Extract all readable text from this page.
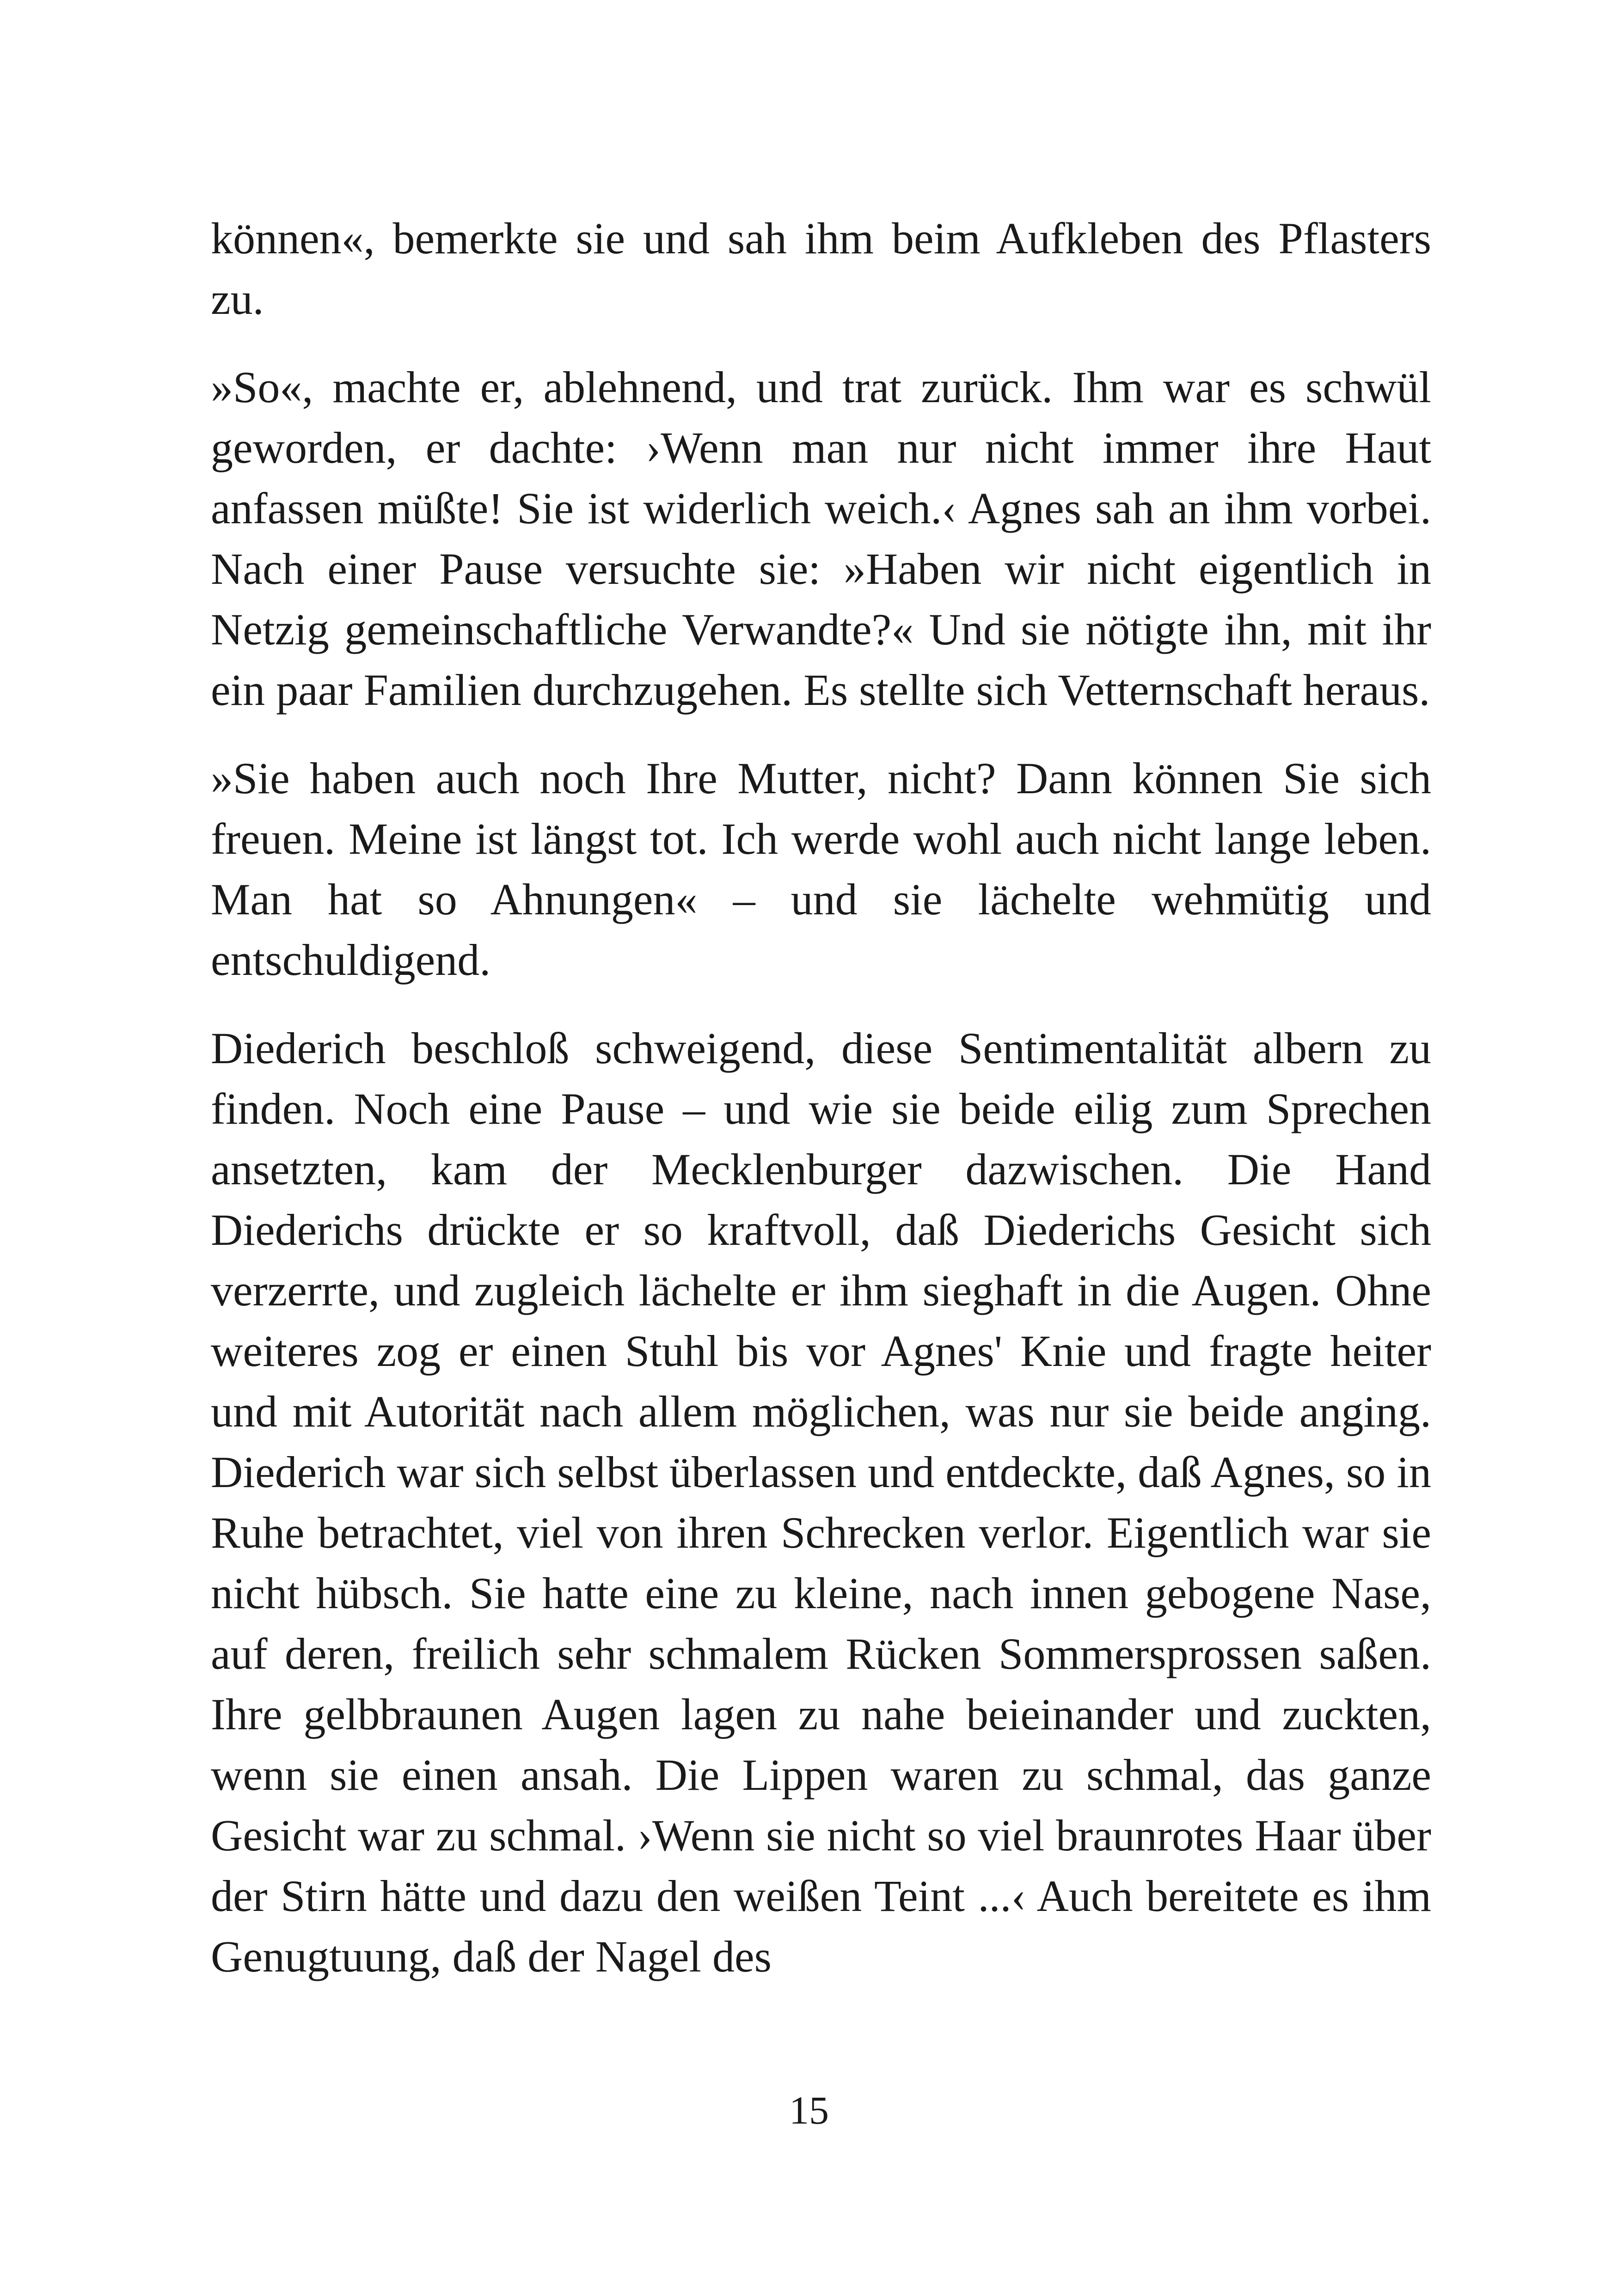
können«, bemerkte sie und sah ihm beim Aufkleben des Pflasters zu.

»So«, machte er, ablehnend, und trat zurück. Ihm war es schwül geworden, er dachte: ›Wenn man nur nicht immer ihre Haut anfassen müßte! Sie ist widerlich weich.‹ Agnes sah an ihm vorbei. Nach einer Pause versuchte sie: »Haben wir nicht eigentlich in Netzig gemeinschaftliche Verwandte?« Und sie nötigte ihn, mit ihr ein paar Familien durchzugehen. Es stellte sich Vetternschaft heraus.

»Sie haben auch noch Ihre Mutter, nicht? Dann können Sie sich freuen. Meine ist längst tot. Ich werde wohl auch nicht lange leben. Man hat so Ahnungen« – und sie lächelte wehmütig und entschuldigend.

Diederich beschloß schweigend, diese Sentimentalität albern zu finden. Noch eine Pause – und wie sie beide eilig zum Sprechen ansetzten, kam der Mecklenburger dazwischen. Die Hand Diederichs drückte er so kraftvoll, daß Diederichs Gesicht sich verzerrte, und zugleich lächelte er ihm sieghaft in die Augen. Ohne weiteres zog er einen Stuhl bis vor Agnes' Knie und fragte heiter und mit Autorität nach allem möglichen, was nur sie beide anging. Diederich war sich selbst überlassen und entdeckte, daß Agnes, so in Ruhe betrachtet, viel von ihren Schrecken verlor. Eigentlich war sie nicht hübsch. Sie hatte eine zu kleine, nach innen gebogene Nase, auf deren, freilich sehr schmalem Rücken Sommersprossen saßen. Ihre gelbbraunen Augen lagen zu nahe beieinander und zuckten, wenn sie einen ansah. Die Lippen waren zu schmal, das ganze Gesicht war zu schmal. ›Wenn sie nicht so viel braunrotes Haar über der Stirn hätte und dazu den weißen Teint ...‹ Auch bereitete es ihm Genugtuung, daß der Nagel des

15
